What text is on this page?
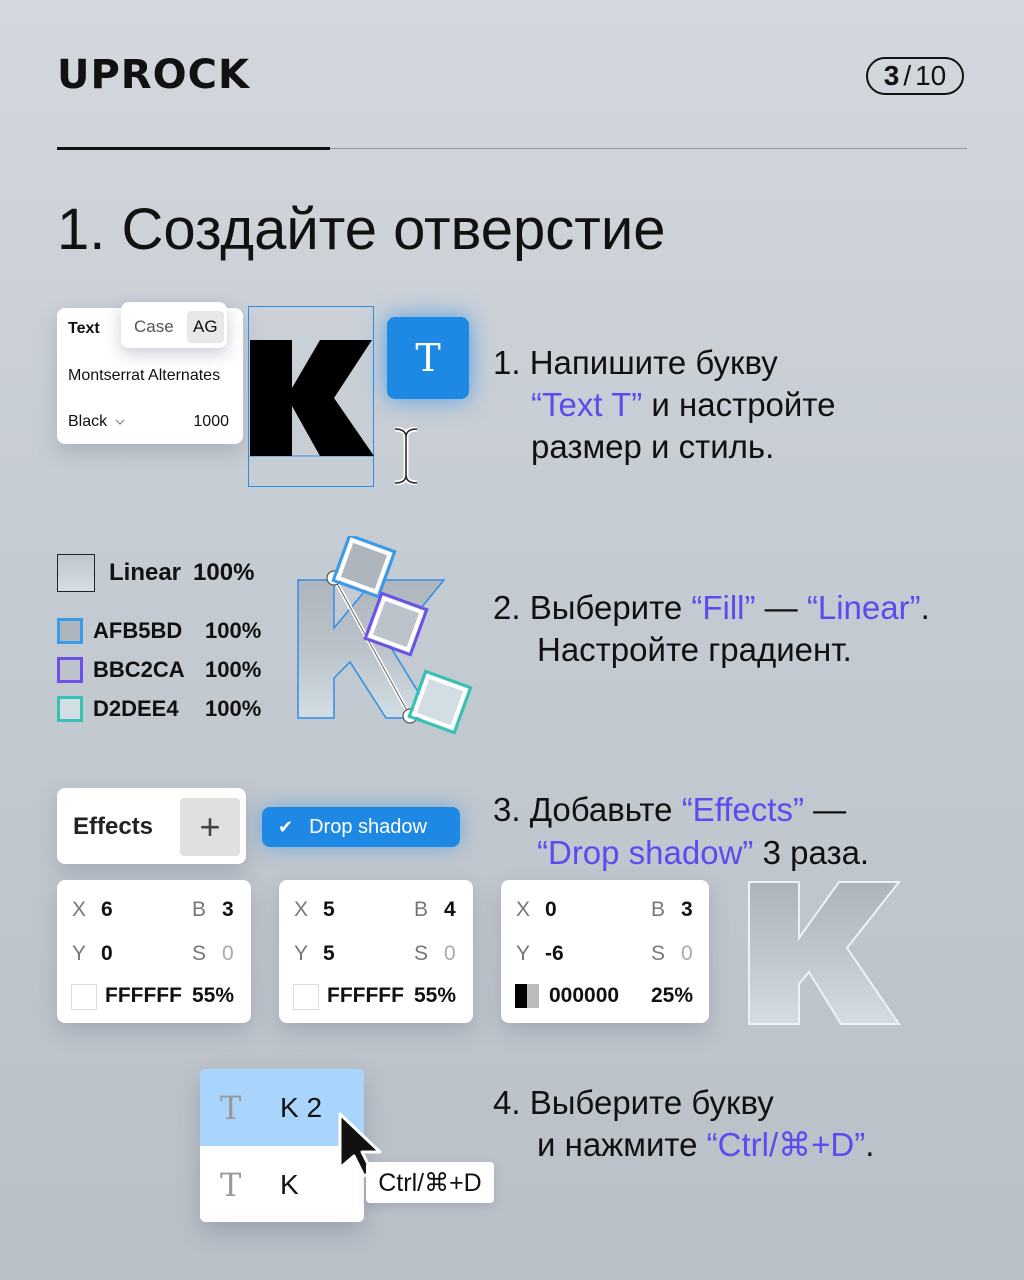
UPROCK	3 / 10
1. Создайте отверстие
Text
Montserrat Alternates
Black	1000
Case	AG
T	1. Напишите букву
“Text T” и настройте
размер и стиль.
Linear 100%
AFB5BD	100%
BBC2CA 100%
D2DEE4	100%
2. Выберите “Fill” — “Linear”.
Настройте градиент.
Effects	+	✔ Drop shadow 3. Добавьте “Effects” —
“Drop shadow” 3 раза.
X 6	B 3
Y 0	S 0
FFFFFF 55%
X 5	B 4
Y 5	S 0
FFFFFF 55%
X 0	B 3
Y -6	S 0
000000 25%
T	K 2
T	K	Ctrl/⌘+D
4. Выберите букву
и нажмите “Ctrl/⌘+D”.
